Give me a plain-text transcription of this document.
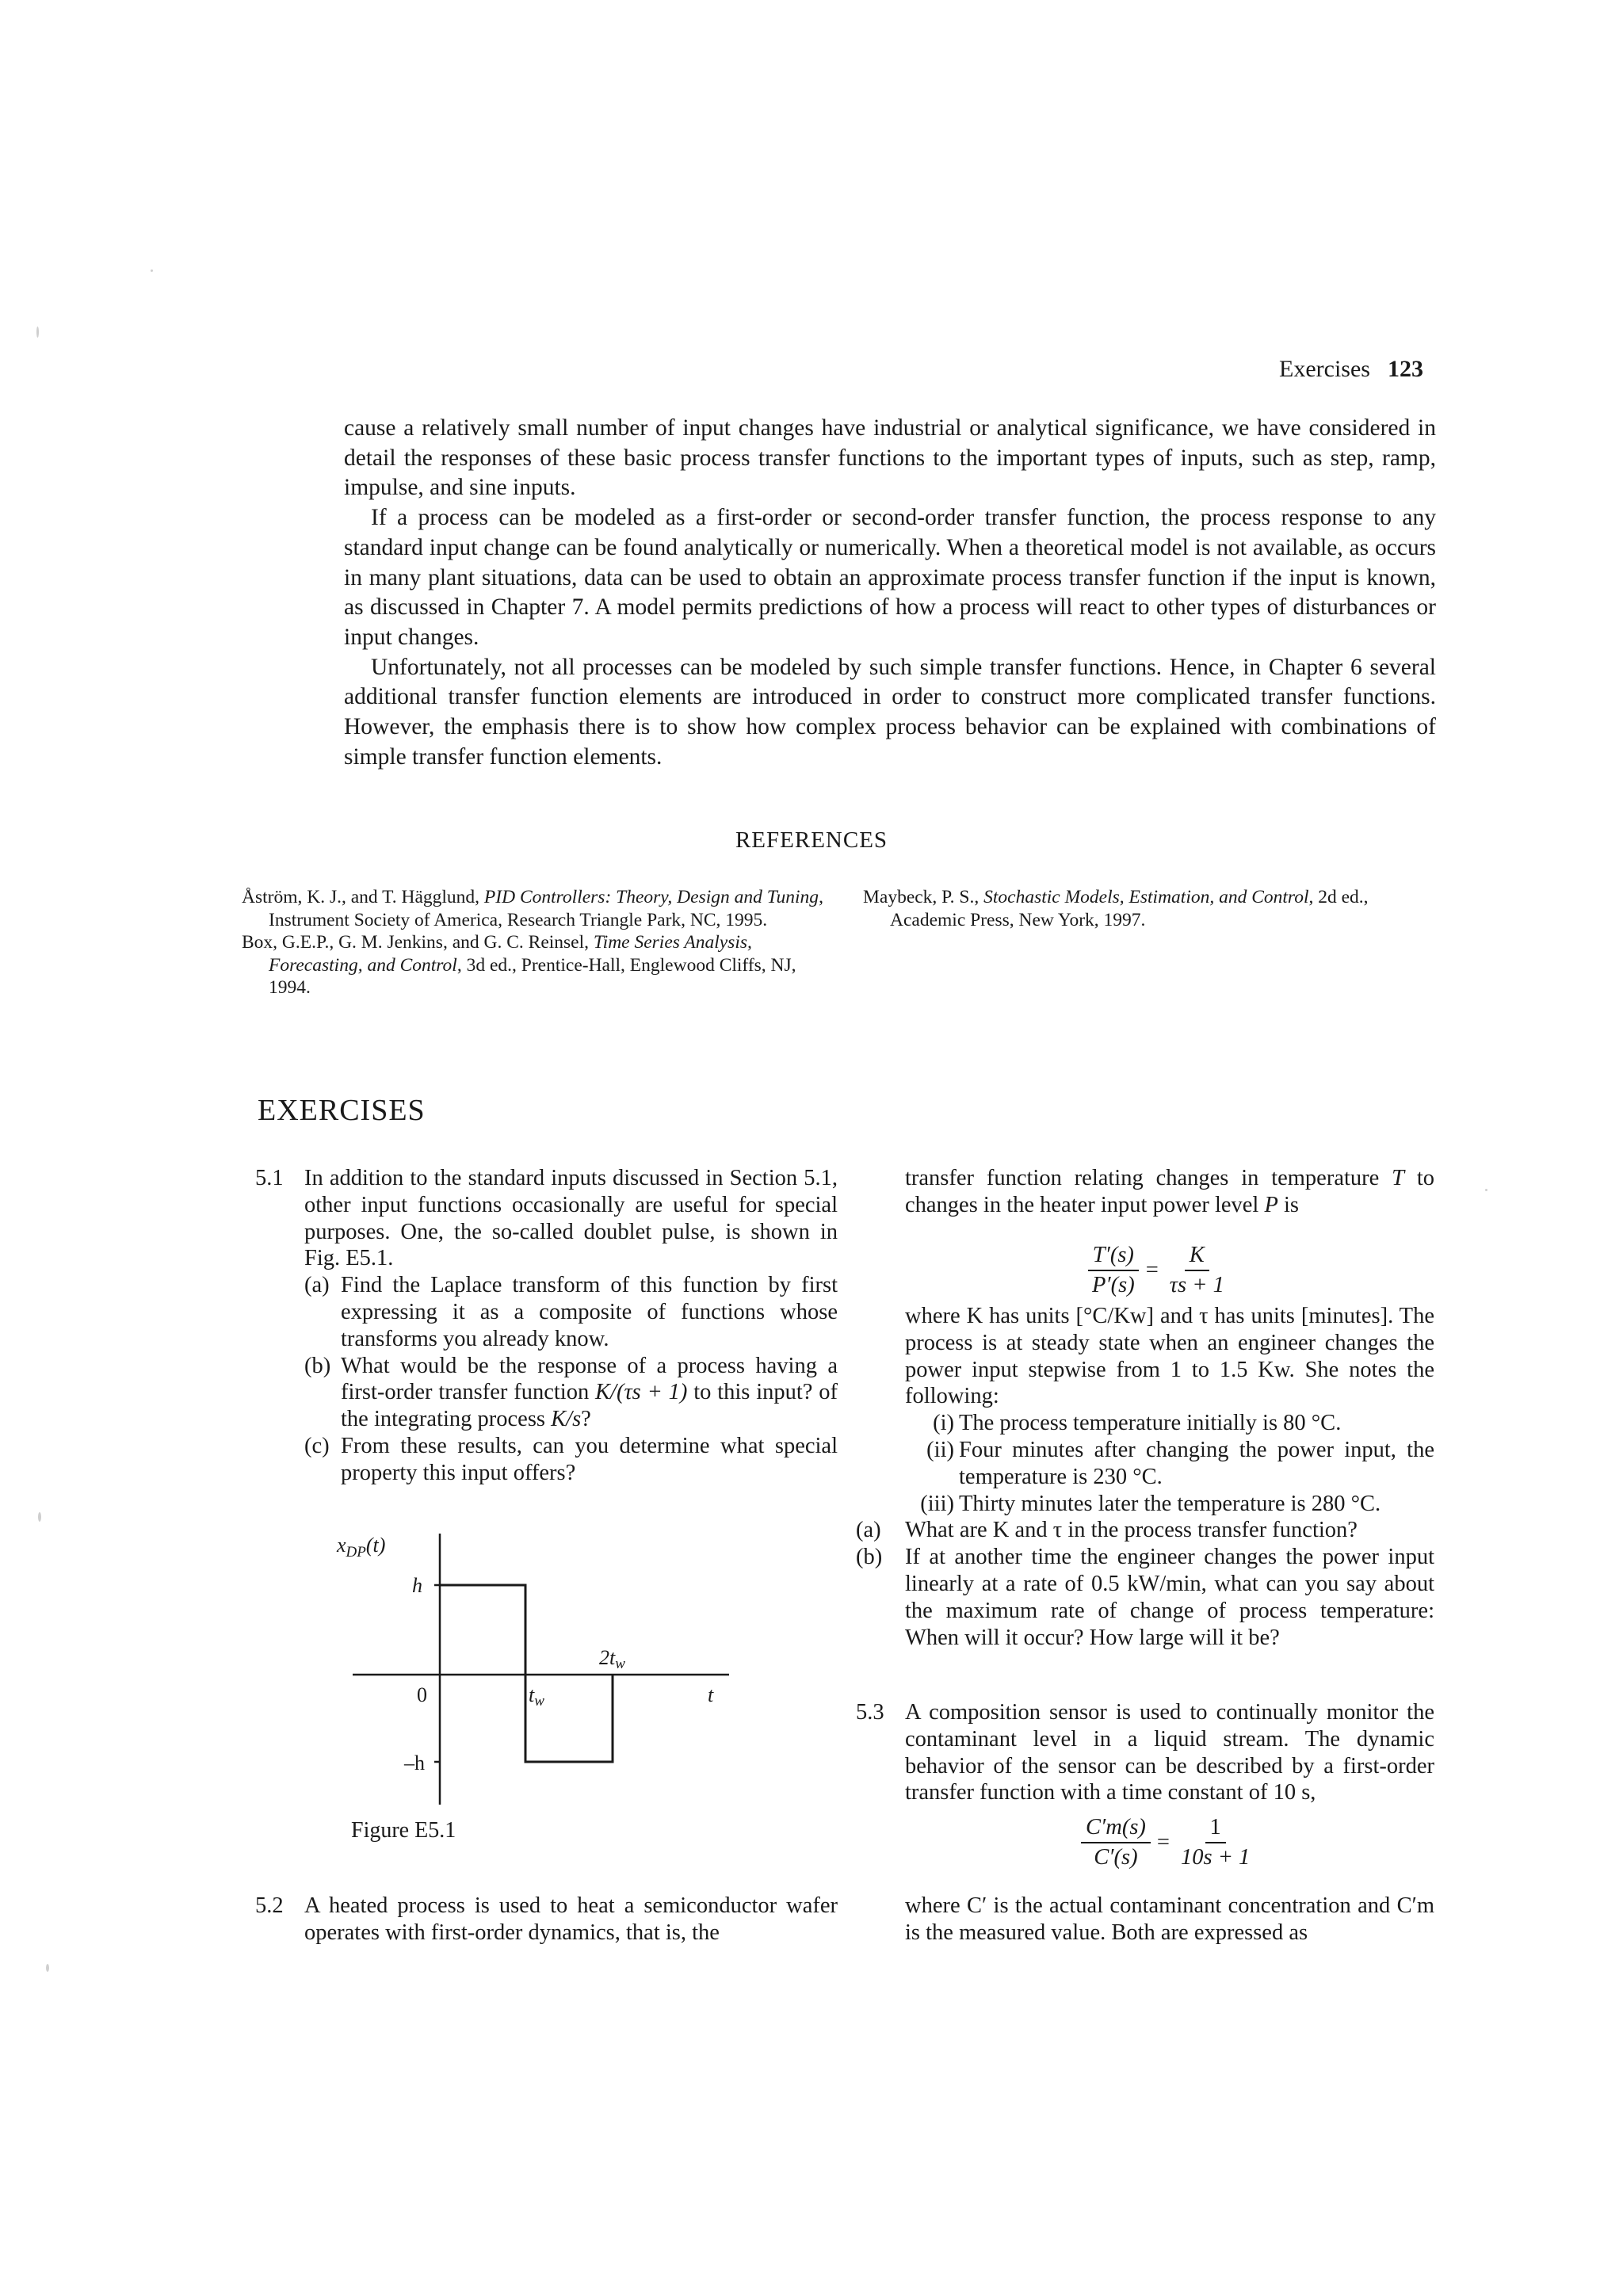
Exercises 123

cause a relatively small number of input changes have industrial or analytical significance, we have considered in detail the responses of these basic process transfer functions to the important types of inputs, such as step, ramp, impulse, and sine inputs.

If a process can be modeled as a first-order or second-order transfer function, the process response to any standard input change can be found analytically or numerically. When a theoretical model is not available, as occurs in many plant situations, data can be used to obtain an approximate process transfer function if the input is known, as discussed in Chapter 7. A model permits predictions of how a process will react to other types of disturbances or input changes.

Unfortunately, not all processes can be modeled by such simple transfer functions. Hence, in Chapter 6 several additional transfer function elements are introduced in order to construct more complicated transfer functions. However, the emphasis there is to show how complex process behavior can be explained with combinations of simple transfer function elements.

REFERENCES

Åström, K. J., and T. Hägglund, PID Controllers: Theory, Design and Tuning, Instrument Society of America, Research Triangle Park, NC, 1995.

Box, G.E.P., G. M. Jenkins, and G. C. Reinsel, Time Series Analysis, Forecasting, and Control, 3d ed., Prentice-Hall, Englewood Cliffs, NJ, 1994.

Maybeck, P. S., Stochastic Models, Estimation, and Control, 2d ed., Academic Press, New York, 1997.

EXERCISES
5.1 In addition to the standard inputs discussed in Section 5.1, other input functions occasionally are useful for special purposes. One, the so-called doublet pulse, is shown in Fig. E5.1.

(a) Find the Laplace transform of this function by first expressing it as a composite of functions whose transforms you already know.
(b) What would be the response of a process having a first-order transfer function K/(τs + 1) to this input? of the integrating process K/s?
(c) From these results, can you determine what special property this input offers?
$x_{DP}(t)$
h
–h
0	tw
2tw
t
Figure E5.1
5.2 A heated process is used to heat a semiconductor wafer operates with first-order dynamics, that is, the

transfer function relating changes in temperature T to changes in the heater input power level P is

$\frac{T'(s)}{P'(s)} = \frac{K}{\tau s + 1}$

where K has units [°C/Kw] and τ has units [minutes]. The process is at steady state when an engineer changes the power input stepwise from 1 to 1.5 Kw. She notes the following:

(i) The process temperature initially is 80 °C.
(ii) Four minutes after changing the power input, the temperature is 230 °C.
(iii) Thirty minutes later the temperature is 280 °C.
(a) What are K and τ in the process transfer function?
(b) If at another time the engineer changes the power input linearly at a rate of 0.5 kW/min, what can you say about the maximum rate of change of process temperature: When will it occur? How large will it be?
5.3 A composition sensor is used to continually monitor the contaminant level in a liquid stream. The dynamic behavior of the sensor can be described by a first-order transfer function with a time constant of 10 s,

$\frac{C'm(s)}{C'(s)} = \frac{1}{10s + 1}$

where C′ is the actual contaminant concentration and C′m is the measured value. Both are expressed as
